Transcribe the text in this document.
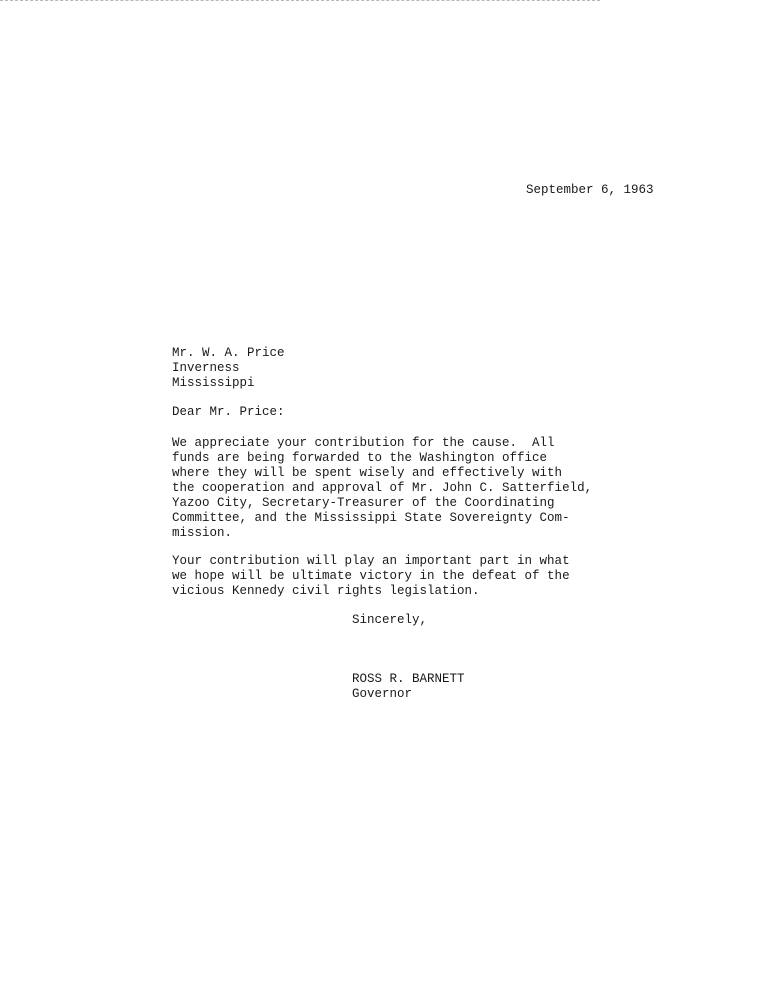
September 6, 1963
Mr. W. A. Price
Inverness
Mississippi
Dear Mr. Price:
We appreciate your contribution for the cause.  All
funds are being forwarded to the Washington office
where they will be spent wisely and effectively with
the cooperation and approval of Mr. John C. Satterfield,
Yazoo City, Secretary-Treasurer of the Coordinating
Committee, and the Mississippi State Sovereignty Com-
mission.
Your contribution will play an important part in what
we hope will be ultimate victory in the defeat of the
vicious Kennedy civil rights legislation.
Sincerely,
ROSS R. BARNETT
Governor
